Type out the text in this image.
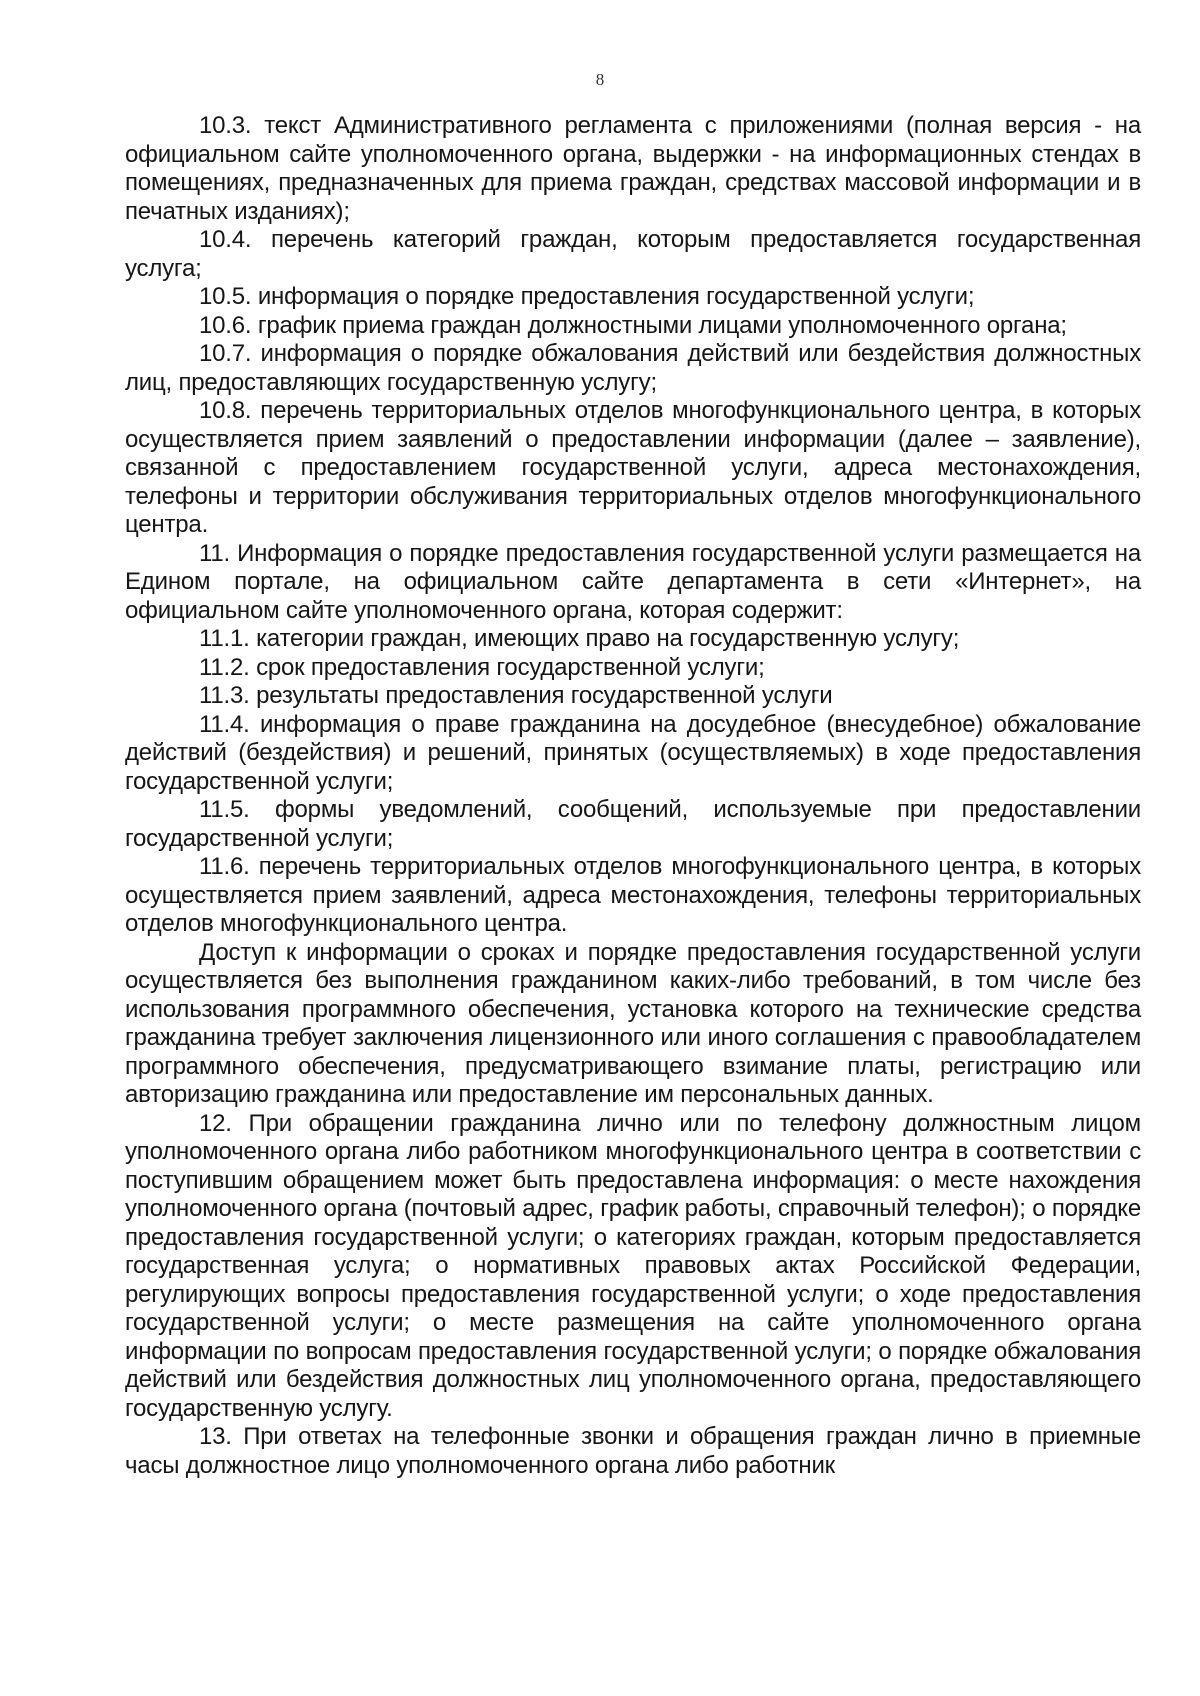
8

10.3. текст Административного регламента с приложениями (полная версия - на официальном сайте уполномоченного органа, выдержки - на информационных стендах в помещениях, предназначенных для приема граждан, средствах массовой информации и в печатных изданиях);

10.4. перечень категорий граждан, которым предоставляется государственная услуга;

10.5. информация о порядке предоставления государственной услуги;

10.6. график приема граждан должностными лицами уполномоченного органа;

10.7. информация о порядке обжалования действий или бездействия должностных лиц, предоставляющих государственную услугу;

10.8. перечень территориальных отделов многофункционального центра, в которых осуществляется прием заявлений о предоставлении информации (далее – заявление), связанной с предоставлением государственной услуги, адреса местонахождения, телефоны и территории обслуживания территориальных отделов многофункционального центра.

11. Информация о порядке предоставления государственной услуги размещается на Едином портале, на официальном сайте департамента в сети «Интернет», на официальном сайте уполномоченного органа, которая содержит:

11.1. категории граждан, имеющих право на государственную услугу;

11.2. срок предоставления государственной услуги;

11.3. результаты предоставления государственной услуги

11.4. информация о праве гражданина на досудебное (внесудебное) обжалование действий (бездействия) и решений, принятых (осуществляемых) в ходе предоставления государственной услуги;

11.5. формы уведомлений, сообщений, используемые при предоставлении государственной услуги;

11.6. перечень территориальных отделов многофункционального центра, в которых осуществляется прием заявлений, адреса местонахождения, телефоны территориальных отделов многофункционального центра.

Доступ к информации о сроках и порядке предоставления государственной услуги осуществляется без выполнения гражданином каких-либо требований, в том числе без использования программного обеспечения, установка которого на технические средства гражданина требует заключения лицензионного или иного соглашения с правообладателем программного обеспечения, предусматривающего взимание платы, регистрацию или авторизацию гражданина или предоставление им персональных данных.

12. При обращении гражданина лично или по телефону должностным лицом уполномоченного органа либо работником многофункционального центра в соответствии с поступившим обращением может быть предоставлена информация: о месте нахождения уполномоченного органа (почтовый адрес, график работы, справочный телефон); о порядке предоставления государственной услуги; о категориях граждан, которым предоставляется государственная услуга; о нормативных правовых актах Российской Федерации, регулирующих вопросы предоставления государственной услуги; о ходе предоставления государственной услуги; о месте размещения на сайте уполномоченного органа информации по вопросам предоставления государственной услуги; о порядке обжалования действий или бездействия должностных лиц уполномоченного органа, предоставляющего государственную услугу.

13. При ответах на телефонные звонки и обращения граждан лично в приемные часы должностное лицо уполномоченного органа либо работник
